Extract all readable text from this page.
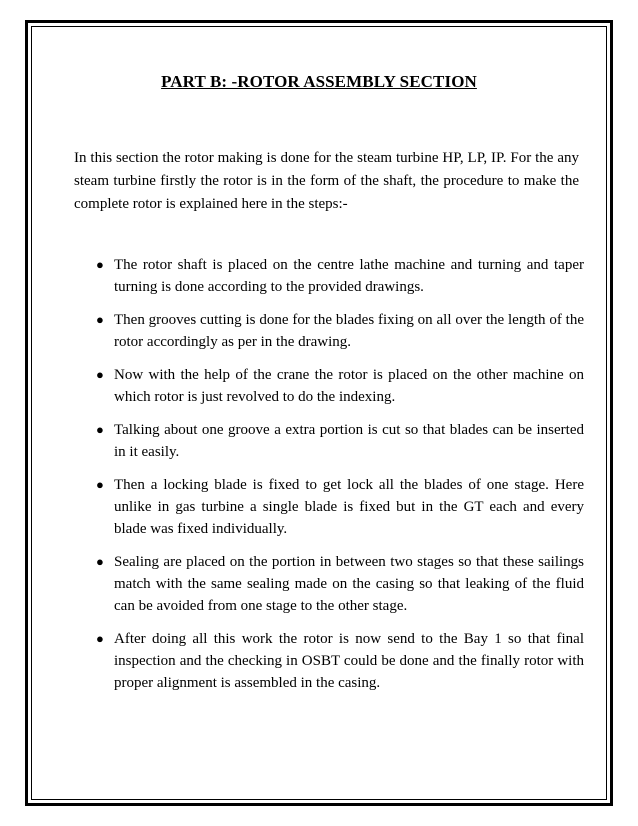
PART B: -ROTOR ASSEMBLY SECTION

In this section the rotor making is done for the steam turbine HP, LP, IP. For the any steam turbine firstly the rotor is in the form of the shaft, the procedure to make the complete rotor is explained here in the steps:-

● The rotor shaft is placed on the centre lathe machine and turning and taper turning is done according to the provided drawings.
● Then grooves cutting is done for the blades fixing on all over the length of the rotor accordingly as per in the drawing.
● Now with the help of the crane the rotor is placed on the other machine on which rotor is just revolved to do the indexing.
● Talking about one groove a extra portion is cut so that blades can be inserted in it easily.
● Then a locking blade is fixed to get lock all the blades of one stage. Here unlike in gas turbine a single blade is fixed but in the GT each and every blade was fixed individually.
● Sealing are placed on the portion in between two stages so that these sailings match with the same sealing made on the casing so that leaking of the fluid can be avoided from one stage to the other stage.
● After doing all this work the rotor is now send to the Bay 1 so that final inspection and the checking in OSBT could be done and the finally rotor with proper alignment is assembled in the casing.
